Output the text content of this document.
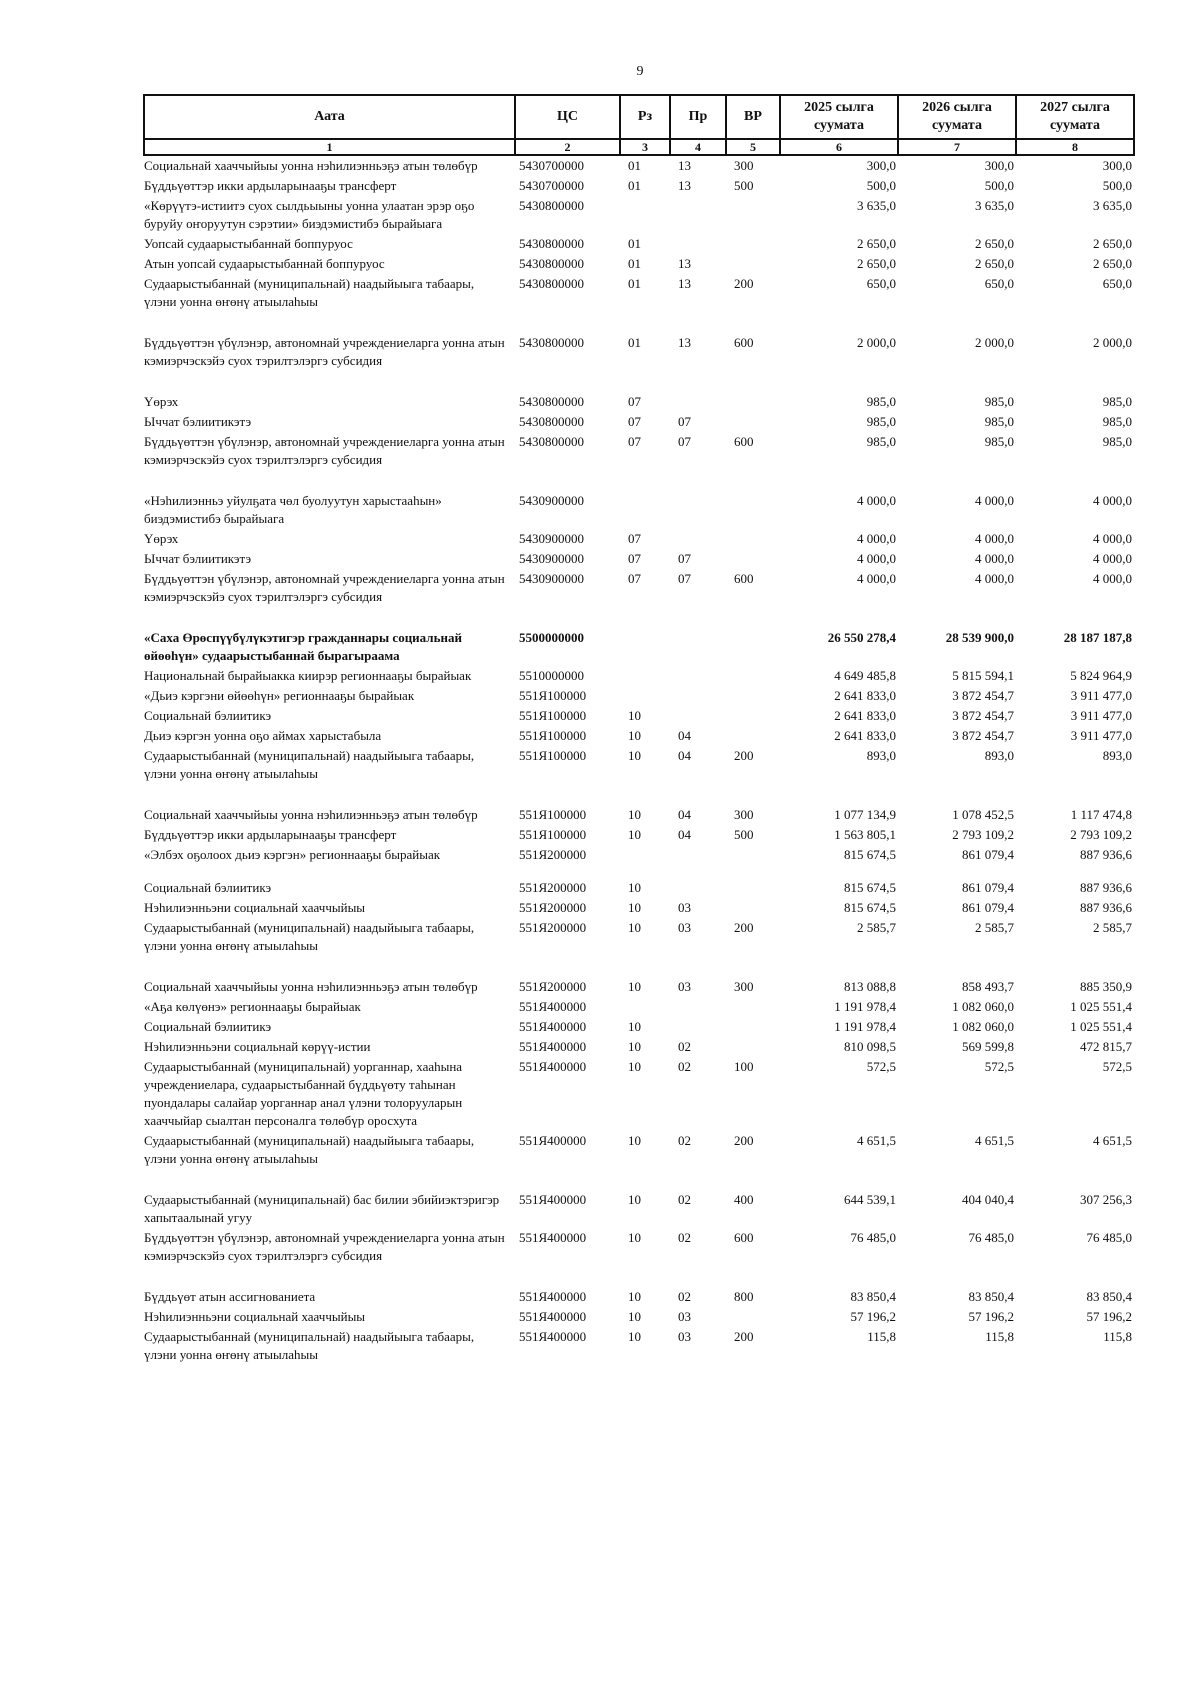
9
Аата	ЦС	Рз	Пр	ВР	2025 сылга суумата	2026 сылга суумата	2027 сылга суумата
1	2	3	4	5	6	7	8
Социальнай хааччыйыы уонна нэһилиэнньэҕэ атын төлөбүр	5430700000	01	13	300	300,0	300,0	300,0
Бүддьүөттэр икки ардыларынааҕы трансферт	5430700000	01	13	500	500,0	500,0	500,0
«Көрүүтэ-истиитэ суох сылдьыыны уонна улаатан эрэр оҕо буруйу оҥоруутун сэрэтии» биэдэмистибэ бырайыага	5430800000				3 635,0	3 635,0	3 635,0
Уопсай судаарыстыбаннай боппуруос	5430800000	01			2 650,0	2 650,0	2 650,0
Атын уопсай судаарыстыбаннай боппуруос	5430800000	01	13		2 650,0	2 650,0	2 650,0
Судаарыстыбаннай (муниципальнай) наадыйыыга табаары, үлэни уонна өҥөнү атыылаһыы	5430800000	01	13	200	650,0	650,0	650,0
Бүддьүөттэн үбүлэнэр, автономнай учреждениеларга уонна атын кэмиэрчэскэйэ суох тэрилтэлэргэ субсидия	5430800000	01	13	600	2 000,0	2 000,0	2 000,0
Үөрэх	5430800000	07			985,0	985,0	985,0
Ыччат бэлиитикэтэ	5430800000	07	07		985,0	985,0	985,0
Бүддьүөттэн үбүлэнэр, автономнай учреждениеларга уонна атын кэмиэрчэскэйэ суох тэрилтэлэргэ субсидия	5430800000	07	07	600	985,0	985,0	985,0
«Нэһилиэнньэ уйулҕата чөл буолуутун харыстааһын» биэдэмистибэ бырайыага	5430900000				4 000,0	4 000,0	4 000,0
Үөрэх	5430900000	07			4 000,0	4 000,0	4 000,0
Ыччат бэлиитикэтэ	5430900000	07	07		4 000,0	4 000,0	4 000,0
Бүддьүөттэн үбүлэнэр, автономнай учреждениеларга уонна атын кэмиэрчэскэйэ суох тэрилтэлэргэ субсидия	5430900000	07	07	600	4 000,0	4 000,0	4 000,0
«Саха Өрөспүүбүлүкэтигэр гражданнары социальнай өйөөһүн» судаарыстыбаннай бырагыраама	5500000000				26 550 278,4	28 539 900,0	28 187 187,8
Национальнай бырайыакка киирэр регионнааҕы бырайыак	5510000000				4 649 485,8	5 815 594,1	5 824 964,9
«Дьиэ кэргэни өйөөһүн» регионнааҕы бырайыак	551Я100000				2 641 833,0	3 872 454,7	3 911 477,0
Социальнай бэлиитикэ	551Я100000	10			2 641 833,0	3 872 454,7	3 911 477,0
Дьиэ кэргэн уонна оҕо аймах харыстабыла	551Я100000	10	04		2 641 833,0	3 872 454,7	3 911 477,0
Судаарыстыбаннай (муниципальнай) наадыйыыга табаары, үлэни уонна өҥөнү атыылаһыы	551Я100000	10	04	200	893,0	893,0	893,0
Социальнай хааччыйыы уонна нэһилиэнньэҕэ атын төлөбүр	551Я100000	10	04	300	1 077 134,9	1 078 452,5	1 117 474,8
Бүддьүөттэр икки ардыларынааҕы трансферт	551Я100000	10	04	500	1 563 805,1	2 793 109,2	2 793 109,2
«Элбэх оҕолоох дьиэ кэргэн» регионнааҕы бырайыак	551Я200000				815 674,5	861 079,4	887 936,6
Социальнай бэлиитикэ	551Я200000	10			815 674,5	861 079,4	887 936,6
Нэһилиэнньэни социальнай хааччыйыы	551Я200000	10	03		815 674,5	861 079,4	887 936,6
Судаарыстыбаннай (муниципальнай) наадыйыыга табаары, үлэни уонна өҥөнү атыылаһыы	551Я200000	10	03	200	2 585,7	2 585,7	2 585,7
Социальнай хааччыйыы уонна нэһилиэнньэҕэ атын төлөбүр	551Я200000	10	03	300	813 088,8	858 493,7	885 350,9
«Аҕа көлүөнэ» регионнааҕы бырайыак	551Я400000				1 191 978,4	1 082 060,0	1 025 551,4
Социальнай бэлиитикэ	551Я400000	10			1 191 978,4	1 082 060,0	1 025 551,4
Нэһилиэнньэни социальнай көрүү-истии	551Я400000	10	02		810 098,5	569 599,8	472 815,7
Судаарыстыбаннай (муниципальнай) уорганнар, хааһына учреждениелара, судаарыстыбаннай бүддьүөту таһынан пуондалары салайар уорганнар анал үлэни толорууларын хааччыйар сыалтан персоналга төлөбүр оросхута	551Я400000	10	02	100	572,5	572,5	572,5
Судаарыстыбаннай (муниципальнай) наадыйыыга табаары, үлэни уонна өҥөнү атыылаһыы	551Я400000	10	02	200	4 651,5	4 651,5	4 651,5
Судаарыстыбаннай (муниципальнай) бас билии эбийиэктэригэр хапытаалынай угуу	551Я400000	10	02	400	644 539,1	404 040,4	307 256,3
Бүддьүөттэн үбүлэнэр, автономнай учреждениеларга уонна атын кэмиэрчэскэйэ суох тэрилтэлэргэ субсидия	551Я400000	10	02	600	76 485,0	76 485,0	76 485,0
Бүддьүөт атын ассигнованиета	551Я400000	10	02	800	83 850,4	83 850,4	83 850,4
Нэһилиэнньэни социальнай хааччыйыы	551Я400000	10	03		57 196,2	57 196,2	57 196,2
Судаарыстыбаннай (муниципальнай) наадыйыыга табаары, үлэни уонна өҥөнү атыылаһыы	551Я400000	10	03	200	115,8	115,8	115,8
